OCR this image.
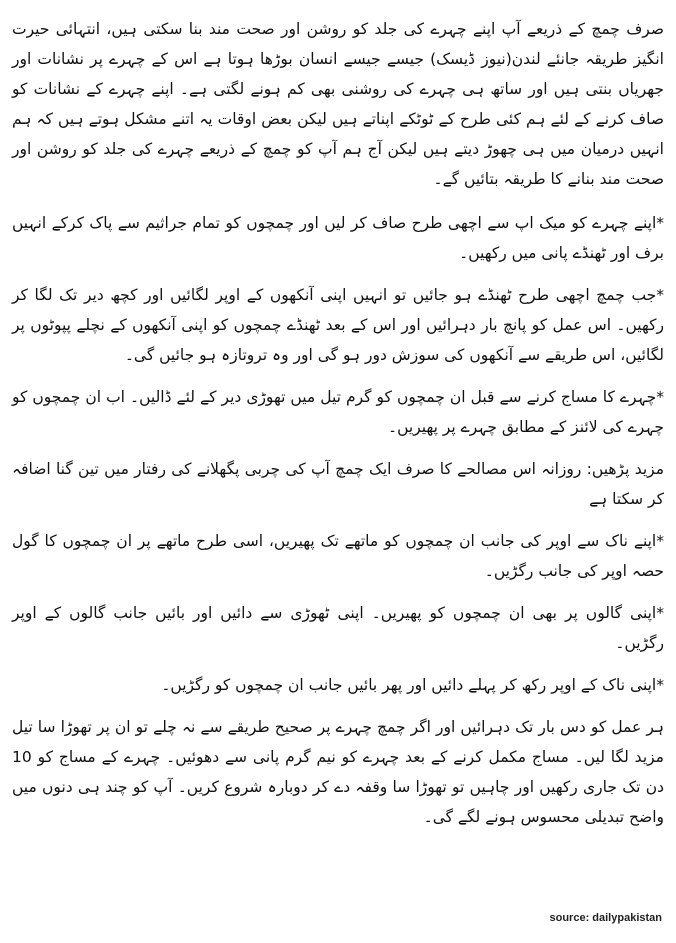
صرف چمچ کے ذریعے آپ اپنے چہرے کی جلد کو روشن اور صحت مند بنا سکتی ہیں، انتہائی حیرت انگیز طریقہ جانئے لندن(نیوز ڈیسک) جیسے جیسے انسان بوڑھا ہوتا ہے اس کے چہرے پر نشانات اور جھریاں بنتی ہیں اور ساتھ ہی چہرے کی روشنی بھی کم ہونے لگتی ہے۔ اپنے چہرے کے نشانات کو صاف کرنے کے لئے ہم کئی طرح کے ٹوٹکے اپناتے ہیں لیکن بعض اوقات یہ اتنے مشکل ہوتے ہیں کہ ہم انہیں درمیان میں ہی چھوڑ دیتے ہیں لیکن آج ہم آپ کو چمچ کے ذریعے چہرے کی جلد کو روشن اور صحت مند بنانے کا طریقہ بتائیں گے۔

*اپنے چہرے کو میک اپ سے اچھی طرح صاف کر لیں اور چمچوں کو تمام جراثیم سے پاک کرکے انہیں برف اور ٹھنڈے پانی میں رکھیں۔

*جب چمچ اچھی طرح ٹھنڈے ہو جائیں تو انہیں اپنی آنکھوں کے اوپر لگائیں اور کچھ دیر تک لگا کر رکھیں۔ اس عمل کو پانچ بار دہرائیں اور اس کے بعد ٹھنڈے چمچوں کو اپنی آنکھوں کے نچلے پپوٹوں پر لگائیں، اس طریقے سے آنکھوں کی سوزش دور ہو گی اور وہ تروتازہ ہو جائیں گی۔

*چہرے کا مساج کرنے سے قبل ان چمچوں کو گرم تیل میں تھوڑی دیر کے لئے ڈالیں۔ اب ان چمچوں کو چہرے کی لائنز کے مطابق چہرے پر پھیریں۔

مزید پڑھیں: روزانہ اس مصالحے کا صرف ایک چمچ آپ کی چربی پگھلانے کی رفتار میں تین گنا اضافہ کر سکتا ہے

*اپنے ناک سے اوپر کی جانب ان چمچوں کو ماتھے تک پھیریں، اسی طرح ماتھے پر ان چمچوں کا گول حصہ اوپر کی جانب رگڑیں۔

*اپنی گالوں پر بھی ان چمچوں کو پھیریں۔ اپنی ٹھوڑی سے دائیں اور بائیں جانب گالوں کے اوپر رگڑیں۔

*اپنی ناک کے اوپر رکھ کر پہلے دائیں اور پھر بائیں جانب ان چمچوں کو رگڑیں۔

ہر عمل کو دس بار تک دہرائیں اور اگر چمچ چہرے پر صحیح طریقے سے نہ چلے تو ان پر تھوڑا سا تیل مزید لگا لیں۔ مساج مکمل کرنے کے بعد چہرے کو نیم گرم پانی سے دھوئیں۔ چہرے کے مساج کو 10 دن تک جاری رکھیں اور چاہیں تو تھوڑا سا وقفہ دے کر دوبارہ شروع کریں۔ آپ کو چند ہی دنوں میں واضح تبدیلی محسوس ہونے لگے گی۔

source: dailypakistan
